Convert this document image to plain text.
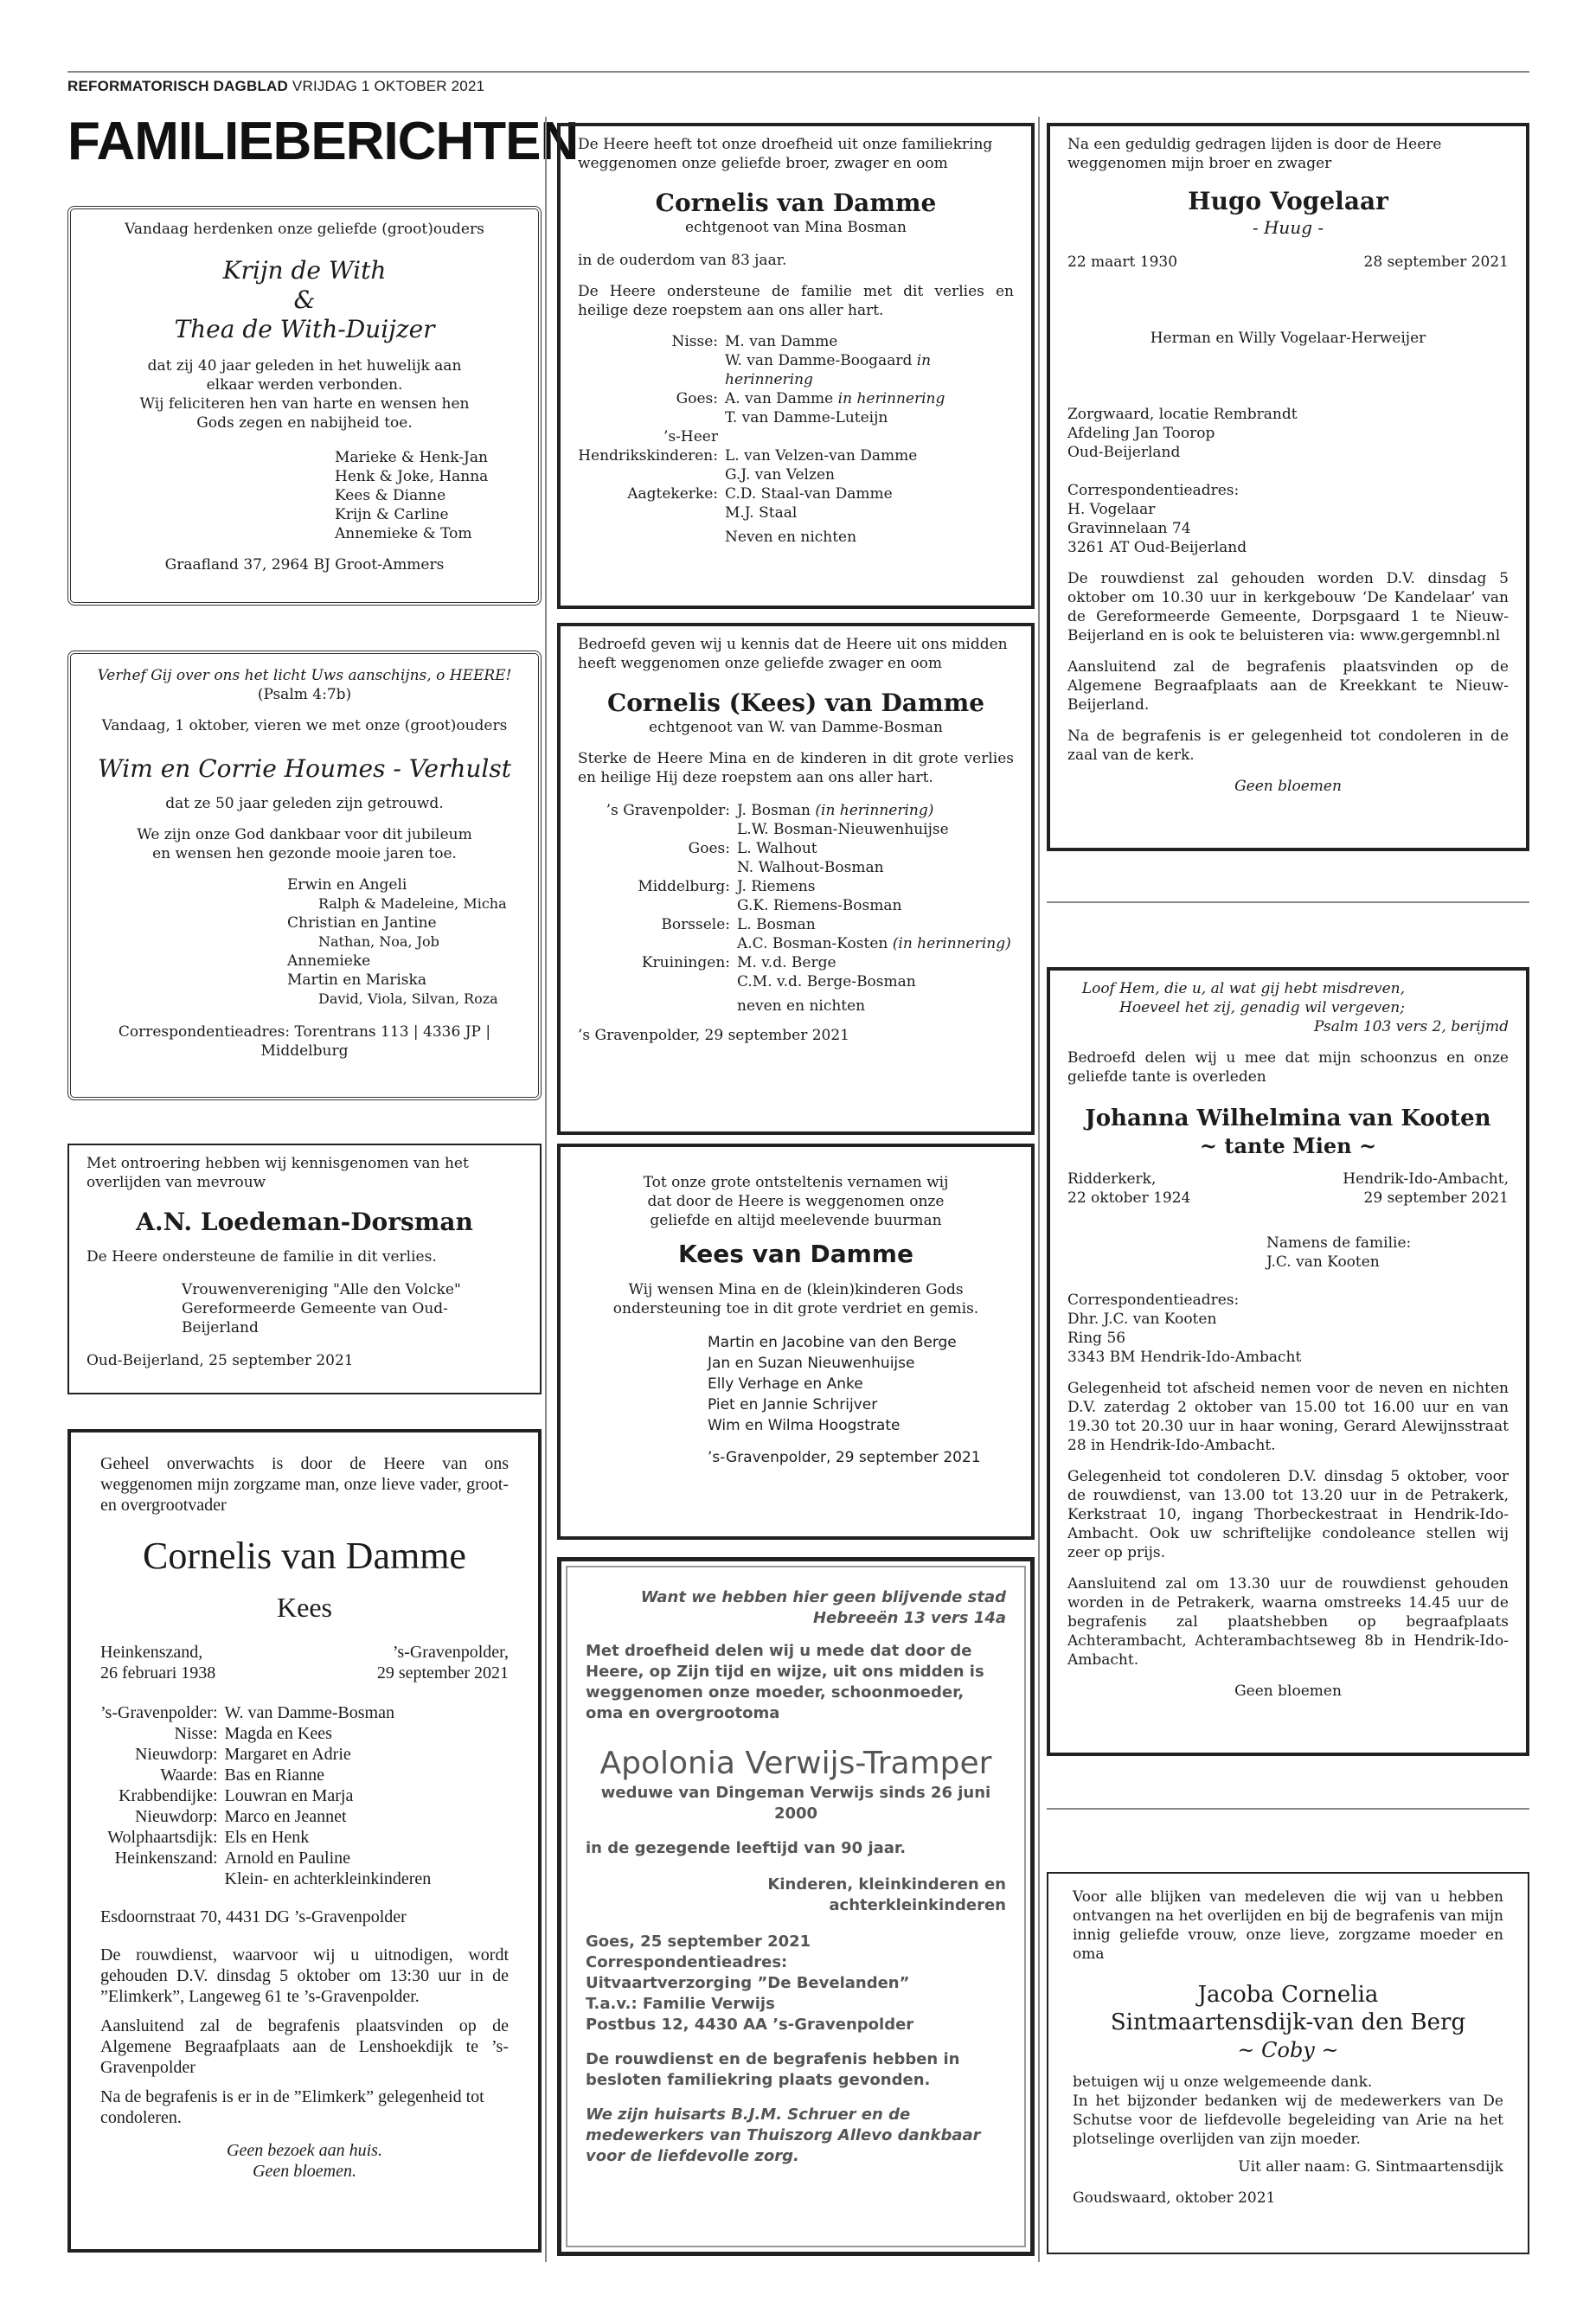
REFORMATORISCH DAGBLAD VRIJDAG 1 OKTOBER 2021
FAMILIEBERICHTEN
Vandaag herdenken onze geliefde (groot)ouders
Krijn de With
&
Thea de With-Duijzer
dat zij 40 jaar geleden in het huwelijk aan
elkaar werden verbonden.
Wij feliciteren hen van harte en wensen hen
Gods zegen en nabijheid toe.
Marieke & Henk-Jan
Henk & Joke, Hanna
Kees & Dianne
Krijn & Carline
Annemieke & Tom
Graafland 37, 2964 BJ Groot-Ammers
Verhef Gij over ons het licht Uws aanschijns, o HEERE!
(Psalm 4:7b)
Vandaag, 1 oktober, vieren we met onze (groot)ouders
Wim en Corrie Houmes - Verhulst
dat ze 50 jaar geleden zijn getrouwd.
We zijn onze God dankbaar voor dit jubileum
en wensen hen gezonde mooie jaren toe.
Erwin en Angeli
Ralph & Madeleine, Micha
Christian en Jantine
Nathan, Noa, Job
Annemieke
Martin en Mariska
David, Viola, Silvan, Roza
Correspondentieadres: Torentrans 113 | 4336 JP | Middelburg
Met ontroering hebben wij kennisgenomen van het overlijden van mevrouw
A.N. Loedeman-Dorsman
De Heere ondersteune de familie in dit verlies.
Vrouwenvereniging "Alle den Volcke"
Gereformeerde Gemeente van Oud-Beijerland
Oud-Beijerland, 25 september 2021
Geheel onverwachts is door de Heere van ons weggenomen mijn zorgzame man, onze lieve vader, groot- en overgrootvader
Cornelis van Damme
Kees
Heinkenszand,
26 februari 1938
’s-Gravenpolder,
29 september 2021
’s-Gravenpolder: W. van Damme-Bosman
Nisse: Magda en Kees
Nieuwdorp: Margaret en Adrie
Waarde: Bas en Rianne
Krabbendijke: Louwran en Marja
Nieuwdorp: Marco en Jeannet
Wolphaartsdijk: Els en Henk
Heinkenszand: Arnold en Pauline
Klein- en achterkleinkinderen
Esdoornstraat 70, 4431 DG ’s-Gravenpolder
De rouwdienst, waarvoor wij u uitnodigen, wordt gehouden D.V. dinsdag 5 oktober om 13:30 uur in de ”Elimkerk”, Langeweg 61 te ’s-Gravenpolder.
Aansluitend zal de begrafenis plaatsvinden op de Algemene Begraafplaats aan de Lenshoekdijk te ’s-Gravenpolder
Na de begrafenis is er in de ”Elimkerk” gelegenheid tot condoleren.
Geen bezoek aan huis.
Geen bloemen.
De Heere heeft tot onze droefheid uit onze familiekring weggenomen onze geliefde broer, zwager en oom
Cornelis van Damme
echtgenoot van Mina Bosman
in de ouderdom van 83 jaar.
De Heere ondersteune de familie met dit verlies en heilige deze roepstem aan ons aller hart.
Nisse: M. van Damme
W. van Damme-Boogaard in herinnering
Goes: A. van Damme in herinnering
T. van Damme-Luteijn
’s-Heer
Hendrikskinderen: L. van Velzen-van Damme
G.J. van Velzen
Aagtekerke: C.D. Staal-van Damme
M.J. Staal
Neven en nichten
Bedroefd geven wij u kennis dat de Heere uit ons midden heeft weggenomen onze geliefde zwager en oom
Cornelis (Kees) van Damme
echtgenoot van W. van Damme-Bosman
Sterke de Heere Mina en de kinderen in dit grote verlies en heilige Hij deze roepstem aan ons aller hart.
’s Gravenpolder: J. Bosman (in herinnering)
L.W. Bosman-Nieuwenhuijse
Goes: L. Walhout
N. Walhout-Bosman
Middelburg: J. Riemens
G.K. Riemens-Bosman
Borssele: L. Bosman
A.C. Bosman-Kosten (in herinnering)
Kruiningen: M. v.d. Berge
C.M. v.d. Berge-Bosman
neven en nichten
’s Gravenpolder, 29 september 2021
Tot onze grote ontsteltenis vernamen wij
dat door de Heere is weggenomen onze
geliefde en altijd meelevende buurman
Kees van Damme
Wij wensen Mina en de (klein)kinderen Gods
ondersteuning toe in dit grote verdriet en gemis.
Martin en Jacobine van den Berge
Jan en Suzan Nieuwenhuijse
Elly Verhage en Anke
Piet en Jannie Schrijver
Wim en Wilma Hoogstrate
’s-Gravenpolder, 29 september 2021
Want we hebben hier geen blijvende stad
Hebreeën 13 vers 14a
Met droefheid delen wij u mede dat door de Heere, op Zijn tijd en wijze, uit ons midden is weggenomen onze moeder, schoonmoeder, oma en overgrootoma
Apolonia Verwijs-Tramper
weduwe van Dingeman Verwijs sinds 26 juni 2000
in de gezegende leeftijd van 90 jaar.
Kinderen, kleinkinderen en achterkleinkinderen
Goes, 25 september 2021
Correspondentieadres:
Uitvaartverzorging ”De Bevelanden”
T.a.v.: Familie Verwijs
Postbus 12, 4430 AA ’s-Gravenpolder
De rouwdienst en de begrafenis hebben in besloten familiekring plaats gevonden.
We zijn huisarts B.J.M. Schruer en de medewerkers van Thuiszorg Allevo dankbaar voor de liefdevolle zorg.
Na een geduldig gedragen lijden is door de Heere weggenomen mijn broer en zwager
Hugo Vogelaar
- Huug -
22 maart 1930	28 september 2021
Herman en Willy Vogelaar-Herweijer
Zorgwaard, locatie Rembrandt
Afdeling Jan Toorop
Oud-Beijerland
Correspondentieadres:
H. Vogelaar
Gravinnelaan 74
3261 AT Oud-Beijerland
De rouwdienst zal gehouden worden D.V. dinsdag 5 oktober om 10.30 uur in kerkgebouw ‘De Kandelaar’ van de Gereformeerde Gemeente, Dorpsgaard 1 te Nieuw-Beijerland en is ook te beluisteren via: www.gergemnbl.nl
Aansluitend zal de begrafenis plaatsvinden op de Algemene Begraafplaats aan de Kreekkant te Nieuw-Beijerland.
Na de begrafenis is er gelegenheid tot condoleren in de zaal van de kerk.
Geen bloemen
Loof Hem, die u, al wat gij hebt misdreven,
Hoeveel het zij, genadig wil vergeven;
Psalm 103 vers 2, berijmd
Bedroefd delen wij u mee dat mijn schoonzus en onze geliefde tante is overleden
Johanna Wilhelmina van Kooten
~ tante Mien ~
Ridderkerk,
22 oktober 1924
Hendrik-Ido-Ambacht,
29 september 2021
Namens de familie:
J.C. van Kooten
Correspondentieadres:
Dhr. J.C. van Kooten
Ring 56
3343 BM Hendrik-Ido-Ambacht
Gelegenheid tot afscheid nemen voor de neven en nichten D.V. zaterdag 2 oktober van 15.00 tot 16.00 uur en van 19.30 tot 20.30 uur in haar woning, Gerard Alewijnsstraat 28 in Hendrik-Ido-Ambacht.
Gelegenheid tot condoleren D.V. dinsdag 5 oktober, voor de rouwdienst, van 13.00 tot 13.20 uur in de Petrakerk, Kerkstraat 10, ingang Thorbeckestraat in Hendrik-Ido-Ambacht. Ook uw schriftelijke condoleance stellen wij zeer op prijs.
Aansluitend zal om 13.30 uur de rouwdienst gehouden worden in de Petrakerk, waarna omstreeks 14.45 uur de begrafenis zal plaatshebben op begraafplaats Achterambacht, Achterambachtseweg 8b in Hendrik-Ido-Ambacht.
Geen bloemen
Voor alle blijken van medeleven die wij van u hebben ontvangen na het overlijden en bij de begrafenis van mijn innig geliefde vrouw, onze lieve, zorgzame moeder en oma
Jacoba Cornelia
Sintmaartensdijk-van den Berg
~ Coby ~
betuigen wij u onze welgemeende dank.
In het bijzonder bedanken wij de medewerkers van De Schutse voor de liefdevolle begeleiding van Arie na het plotselinge overlijden van zijn moeder.
Uit aller naam: G. Sintmaartensdijk
Goudswaard, oktober 2021
